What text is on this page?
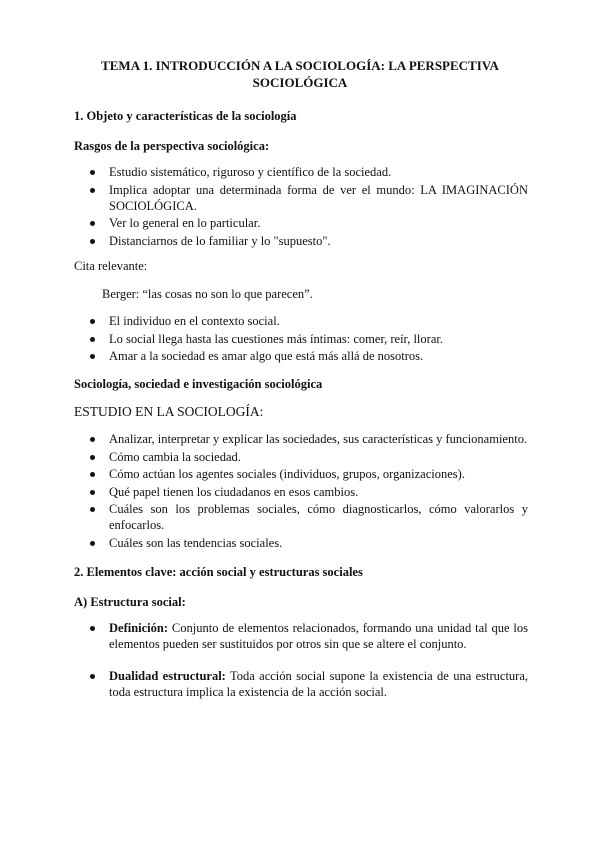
TEMA 1. INTRODUCCIÓN A LA SOCIOLOGÍA: LA PERSPECTIVA SOCIOLÓGICA
1. Objeto y características de la sociología
Rasgos de la perspectiva sociológica:
Estudio sistemático, riguroso y científico de la sociedad.
Implica adoptar una determinada forma de ver el mundo: LA IMAGINACIÓN SOCIOLÓGICA.
Ver lo general en lo particular.
Distanciarnos de lo familiar y lo "supuesto".
Cita relevante:
Berger: “las cosas no son lo que parecen”.
El individuo en el contexto social.
Lo social llega hasta las cuestiones más íntimas: comer, reír, llorar.
Amar a la sociedad es amar algo que está más allá de nosotros.
Sociología, sociedad e investigación sociológica
ESTUDIO EN LA SOCIOLOGÍA:
Analizar, interpretar y explicar las sociedades, sus características y funcionamiento.
Cómo cambia la sociedad.
Cómo actúan los agentes sociales (individuos, grupos, organizaciones).
Qué papel tienen los ciudadanos en esos cambios.
Cuáles son los problemas sociales, cómo diagnosticarlos, cómo valorarlos y enfocarlos.
Cuáles son las tendencias sociales.
2. Elementos clave: acción social y estructuras sociales
A) Estructura social:
Definición: Conjunto de elementos relacionados, formando una unidad tal que los elementos pueden ser sustituidos por otros sin que se altere el conjunto.
Dualidad estructural: Toda acción social supone la existencia de una estructura, toda estructura implica la existencia de la acción social.
